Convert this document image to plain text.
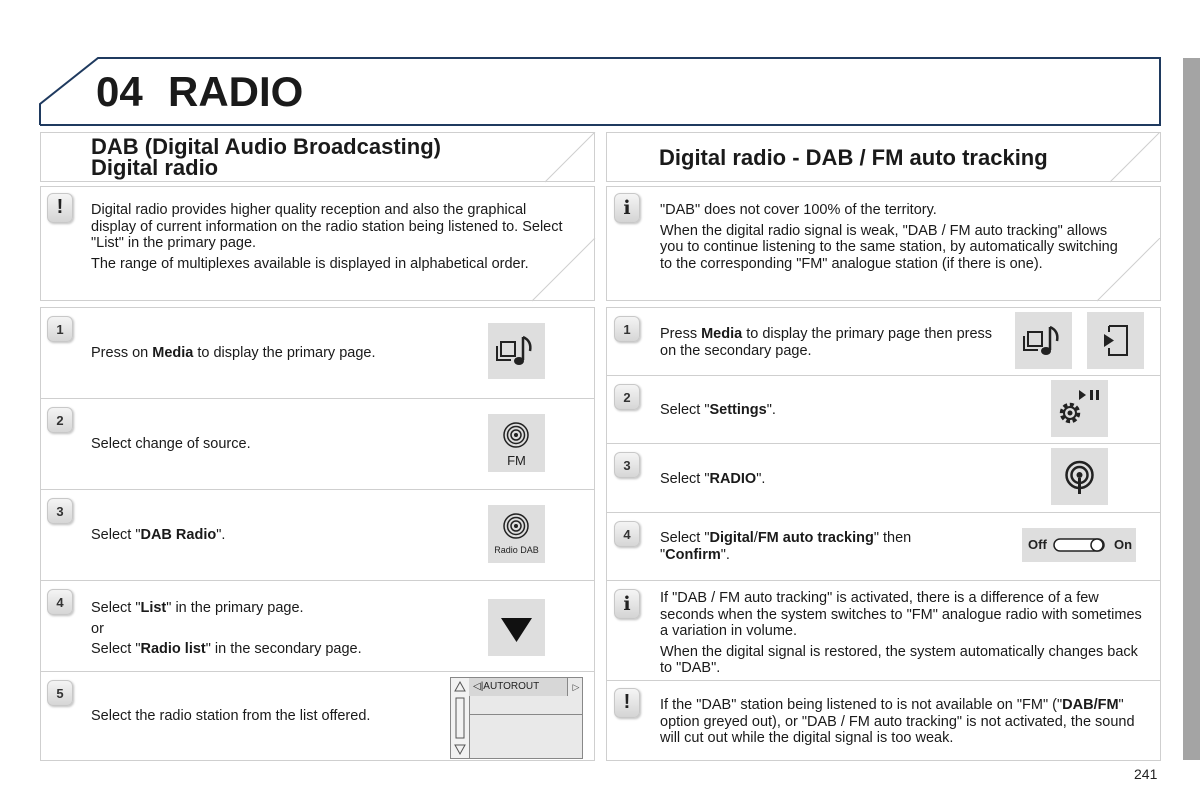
04 RADIO
DAB (Digital Audio Broadcasting)
Digital radio
!	Digital radio provides higher quality reception and also the graphical display of current information on the radio station being listened to. Select "List" in the primary page.

The range of multiplexes available is displayed in alphabetical order.

1
Press on Media to display the primary page.
2
Select change of source.
FM
3
Select "DAB Radio".
Radio DAB
4	Select "List" in the primary page.
or
Select "Radio list" in the secondary page.
5
Select the radio station from the list offered.
◁|AUTOROUT	▷
Digital radio - DAB / FM auto tracking
i	"DAB" does not cover 100% of the territory.

When the digital radio signal is weak, "DAB / FM auto tracking" allows you to continue listening to the same station, by automatically switching to the corresponding "FM" analogue station (if there is one).

1	Press Media to display the primary page then press on the secondary page.
2
Select "Settings".
3
Select "RADIO".
4	Select "Digital/FM auto tracking" then
"Confirm".
Off	On
i	If "DAB / FM auto tracking" is activated, there is a difference of a few seconds when the system switches to "FM" analogue radio with sometimes a variation in volume.

When the digital signal is restored, the system automatically changes back to "DAB".

!	If the "DAB" station being listened to is not available on "FM" ("DAB/FM" option greyed out), or "DAB / FM auto tracking" is not activated, the sound will cut out while the digital signal is too weak.
241
